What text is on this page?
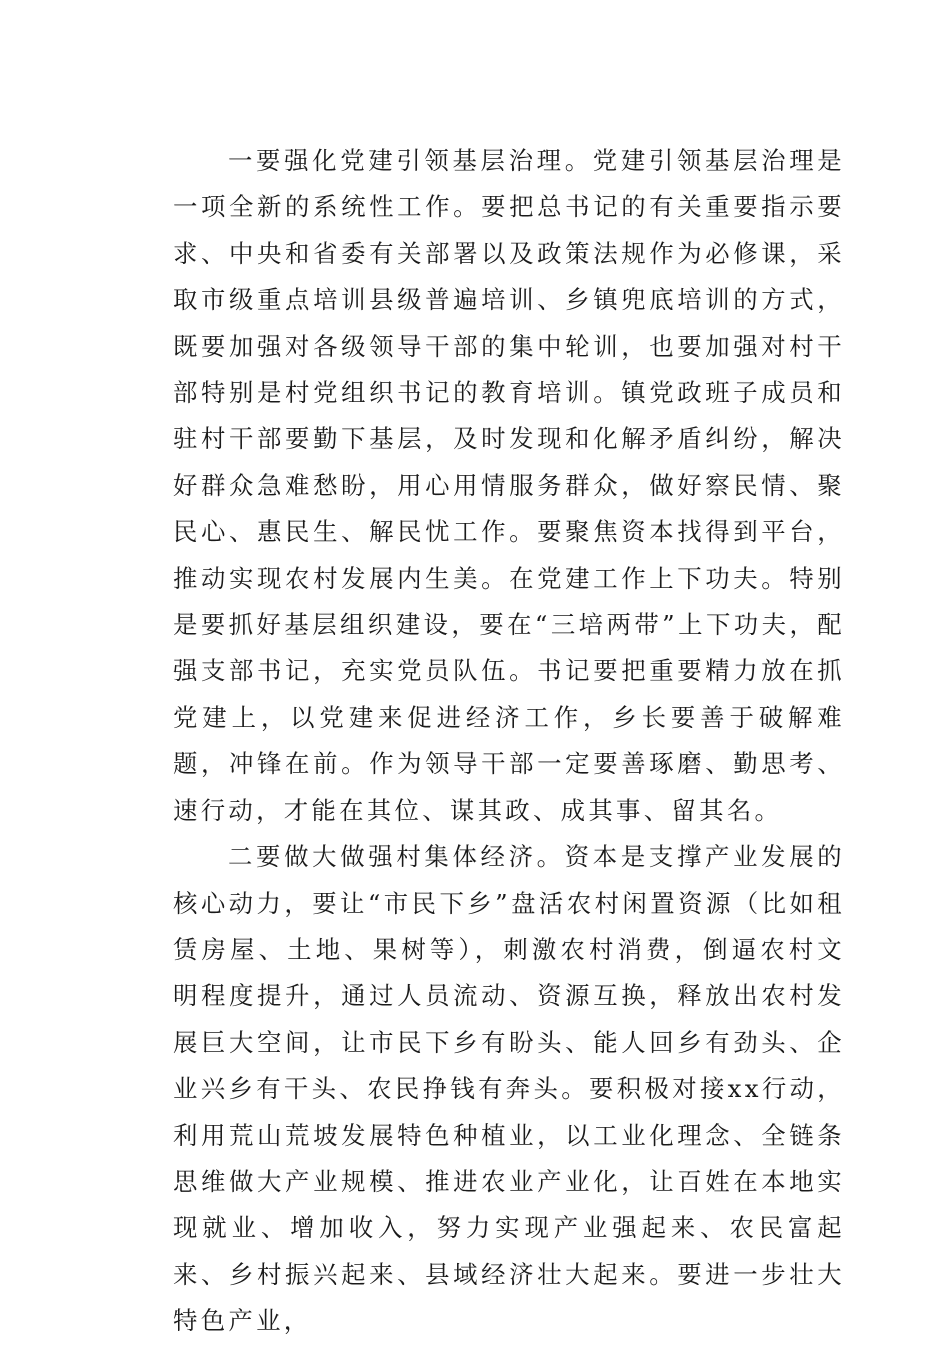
一要强化党建引领基层治理。党建引领基层治理是一项全新的系统性工作。要把总书记的有关重要指示要求、中央和省委有关部署以及政策法规作为必修课，采取市级重点培训县级普遍培训、乡镇兜底培训的方式，既要加强对各级领导干部的集中轮训，也要加强对村干部特别是村党组织书记的教育培训。镇党政班子成员和驻村干部要勤下基层，及时发现和化解矛盾纠纷，解决好群众急难愁盼，用心用情服务群众，做好察民情、聚民心、惠民生、解民忧工作。要聚焦资本找得到平台，推动实现农村发展内生美。在党建工作上下功夫。特别是要抓好基层组织建设，要在“三培两带”上下功夫，配强支部书记，充实党员队伍。书记要把重要精力放在抓党建上，以党建来促进经济工作，乡长要善于破解难题，冲锋在前。作为领导干部一定要善琢磨、勤思考、速行动，才能在其位、谋其政、成其事、留其名。

二要做大做强村集体经济。资本是支撑产业发展的核心动力，要让“市民下乡”盘活农村闲置资源（比如租赁房屋、土地、果树等），刺激农村消费，倒逼农村文明程度提升，通过人员流动、资源互换，释放出农村发展巨大空间，让市民下乡有盼头、能人回乡有劲头、企业兴乡有干头、农民挣钱有奔头。要积极对接xx行动，利用荒山荒坡发展特色种植业，以工业化理念、全链条思维做大产业规模、推进农业产业化，让百姓在本地实现就业、增加收入，努力实现产业强起来、农民富起来、乡村振兴起来、县域经济壮大起来。要进一步壮大特色产业，
